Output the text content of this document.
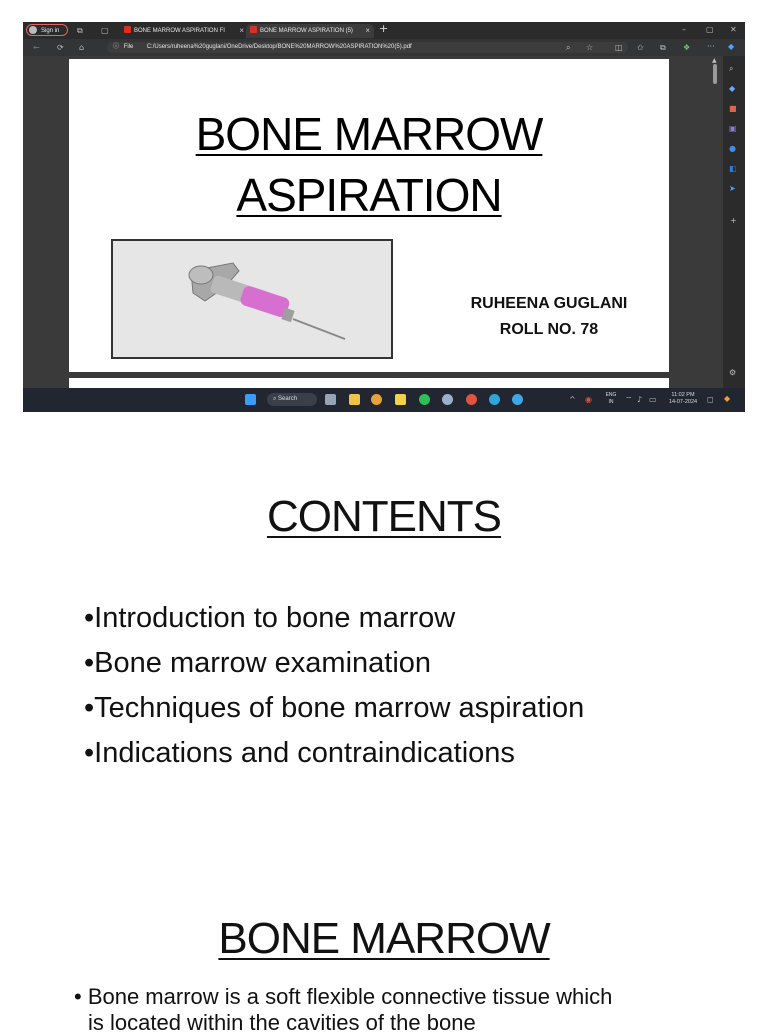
Sign in	⧉ ▢	BONE MARROW ASPIRATION FI ×	BONE MARROW ASPIRATION (5) × +	–	▢ ✕
← ⟳ ⌂	ⓘ File C:/Users/ruheena%20guglani/OneDrive/Desktop/BONE%20MARROW%20ASPIRATION%20(5).pdf	⌕ ☆	◫ ✩ ⧉ ❖ ··· ◆
BONE MARROW
ASPIRATION
RUHEENA GUGLANI
ROLL NO. 78
▲
⌕
◆
■
▣
●
◧
➤
+
⚙
⌕ Search	^ ◉	ENG
IN	⌔ ♪ ▭	11:02 PM
14-07-2024	◻ ◆
CONTENTS
•Introduction to bone marrow
•Bone marrow examination
•Techniques of bone marrow aspiration
•Indications and contraindications
BONE MARROW
• Bone marrow is a soft flexible connective tissue which
is located within the cavities of the bone
